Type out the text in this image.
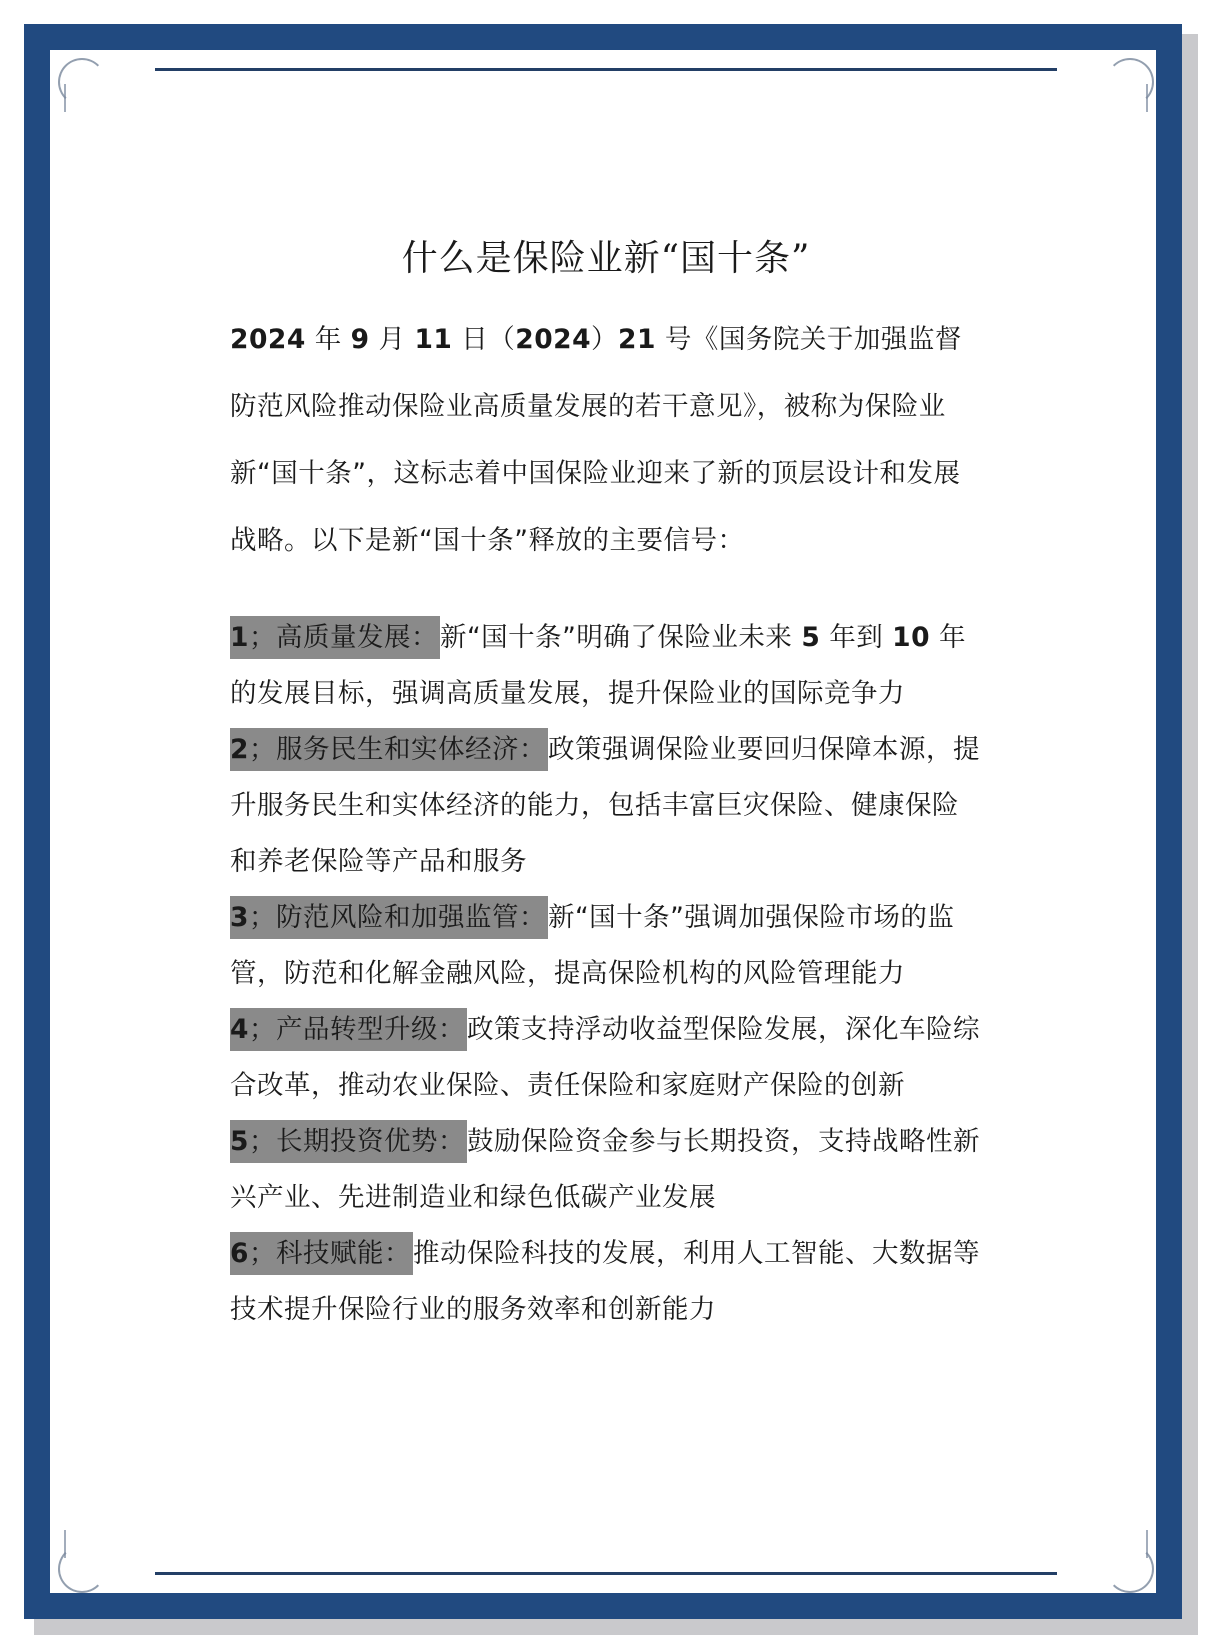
什么是保险业新“国十条”

2024 年 9 月 11 日（2024）21 号《国务院关于加强监督防范风险推动保险业高质量发展的若干意见》，被称为保险业新“国十条”，这标志着中国保险业迎来了新的顶层设计和发展战略。以下是新“国十条”释放的主要信号：

1；高质量发展：新“国十条”明确了保险业未来 5 年到 10 年的发展目标，强调高质量发展，提升保险业的国际竞争力

2；服务民生和实体经济：政策强调保险业要回归保障本源，提升服务民生和实体经济的能力，包括丰富巨灾保险、健康保险和养老保险等产品和服务

3；防范风险和加强监管：新“国十条”强调加强保险市场的监管，防范和化解金融风险，提高保险机构的风险管理能力

4；产品转型升级：政策支持浮动收益型保险发展，深化车险综合改革，推动农业保险、责任保险和家庭财产保险的创新

5；长期投资优势：鼓励保险资金参与长期投资，支持战略性新兴产业、先进制造业和绿色低碳产业发展

6；科技赋能：推动保险科技的发展，利用人工智能、大数据等技术提升保险行业的服务效率和创新能力
